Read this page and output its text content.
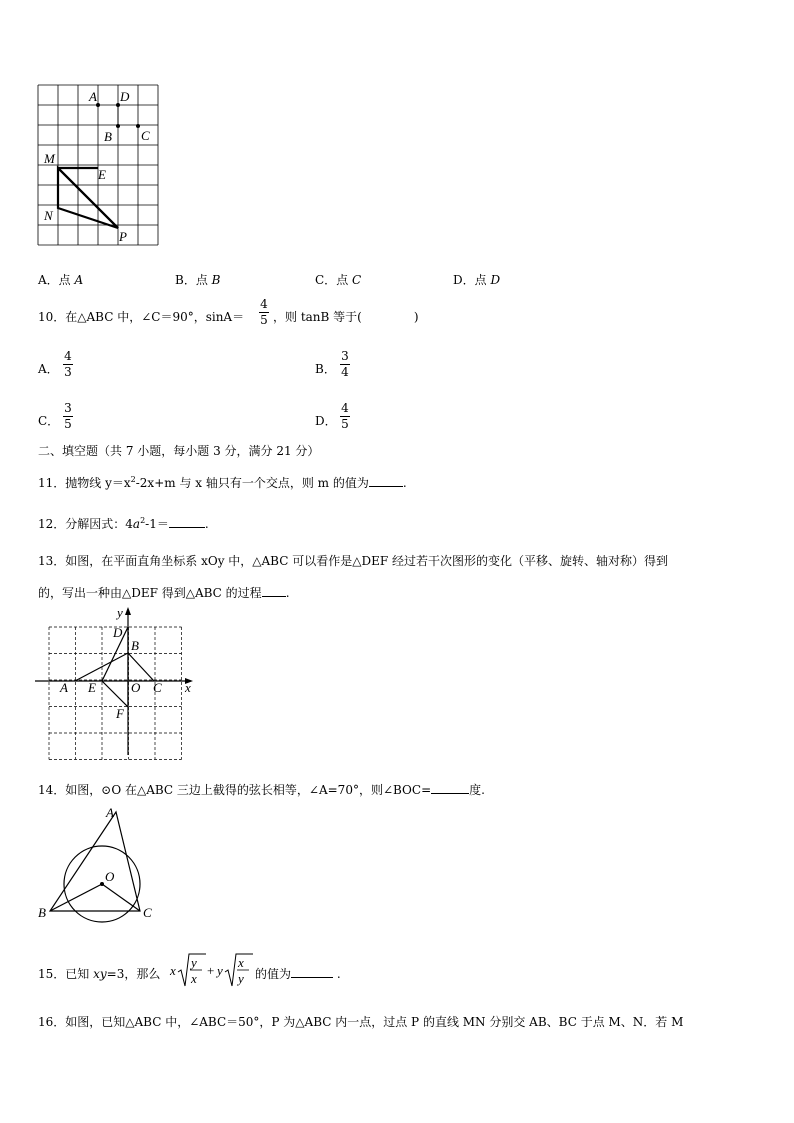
A D
B C
M
E
N
P
A．点 A	B．点 B	C．点 C	D．点 D
10．在△ABC 中，∠C＝90°，sinA＝
4
5 ，则 tanB 等于(	)
A．
4
3	B．
3
4
C．
3
5	D．
4
5
二、填空题（共 7 小题，每小题 3 分，满分 21 分）
11．抛物线 $y=x^2-2x+m$ 与 x 轴只有一个交点，则 m 的值为	.
12．分解因式：$4a^2-1=$	.
13．如图，在平面直角坐标系 xOy 中，△ABC 可以看作是△DEF 经过若干次图形的变化（平移、旋转、轴对称）得到
的，写出一种由△DEF 得到△ABC 的过程 .
y
x
D
B
A E	O C
F
14．如图，⊙O 在△ABC 三边上截得的弦长相等，∠A=70°，则∠BOC=	度.
A
O
B	C
15．已知 xy=3，那么 x
y
x
+ y
x
y 的值为	.
16．如图，已知△ABC 中，∠ABC＝50°，P 为△ABC 内一点，过点 P 的直线 MN 分别交 AB、BC 于点 M、N．若 M
